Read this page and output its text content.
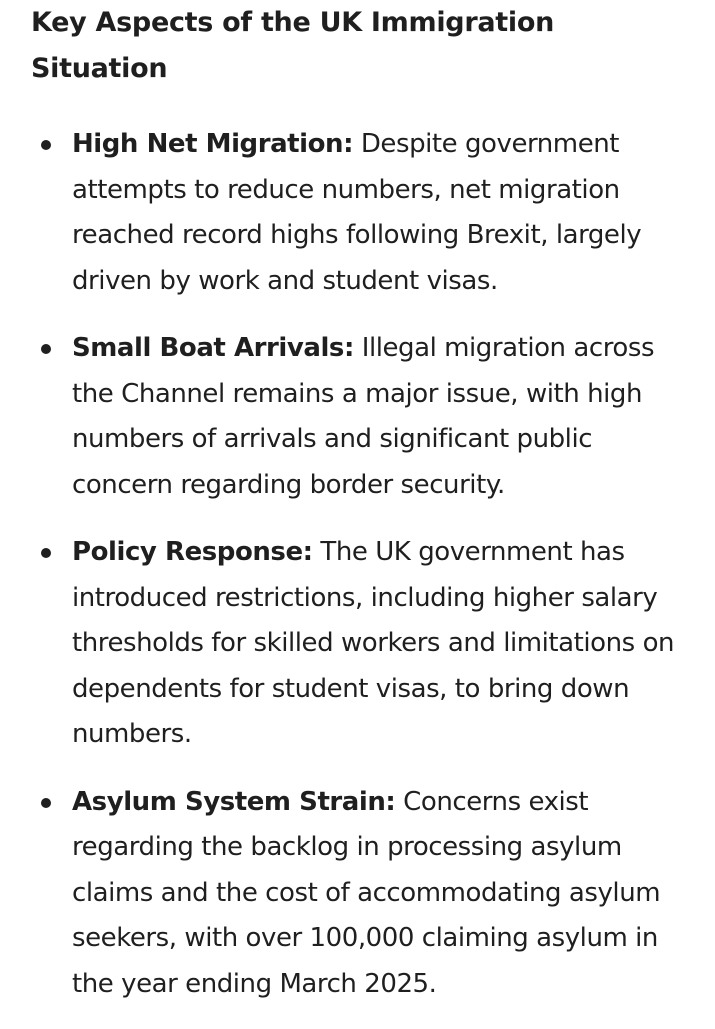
Key Aspects of the UK Immigration Situation
High Net Migration: Despite government attempts to reduce numbers, net migration reached record highs following Brexit, largely driven by work and student visas.
Small Boat Arrivals: Illegal migration across the Channel remains a major issue, with high numbers of arrivals and significant public concern regarding border security.
Policy Response: The UK government has introduced restrictions, including higher salary thresholds for skilled workers and limitations on dependents for student visas, to bring down numbers.
Asylum System Strain: Concerns exist regarding the backlog in processing asylum claims and the cost of accommodating asylum seekers, with over 100,000 claiming asylum in the year ending March 2025.
